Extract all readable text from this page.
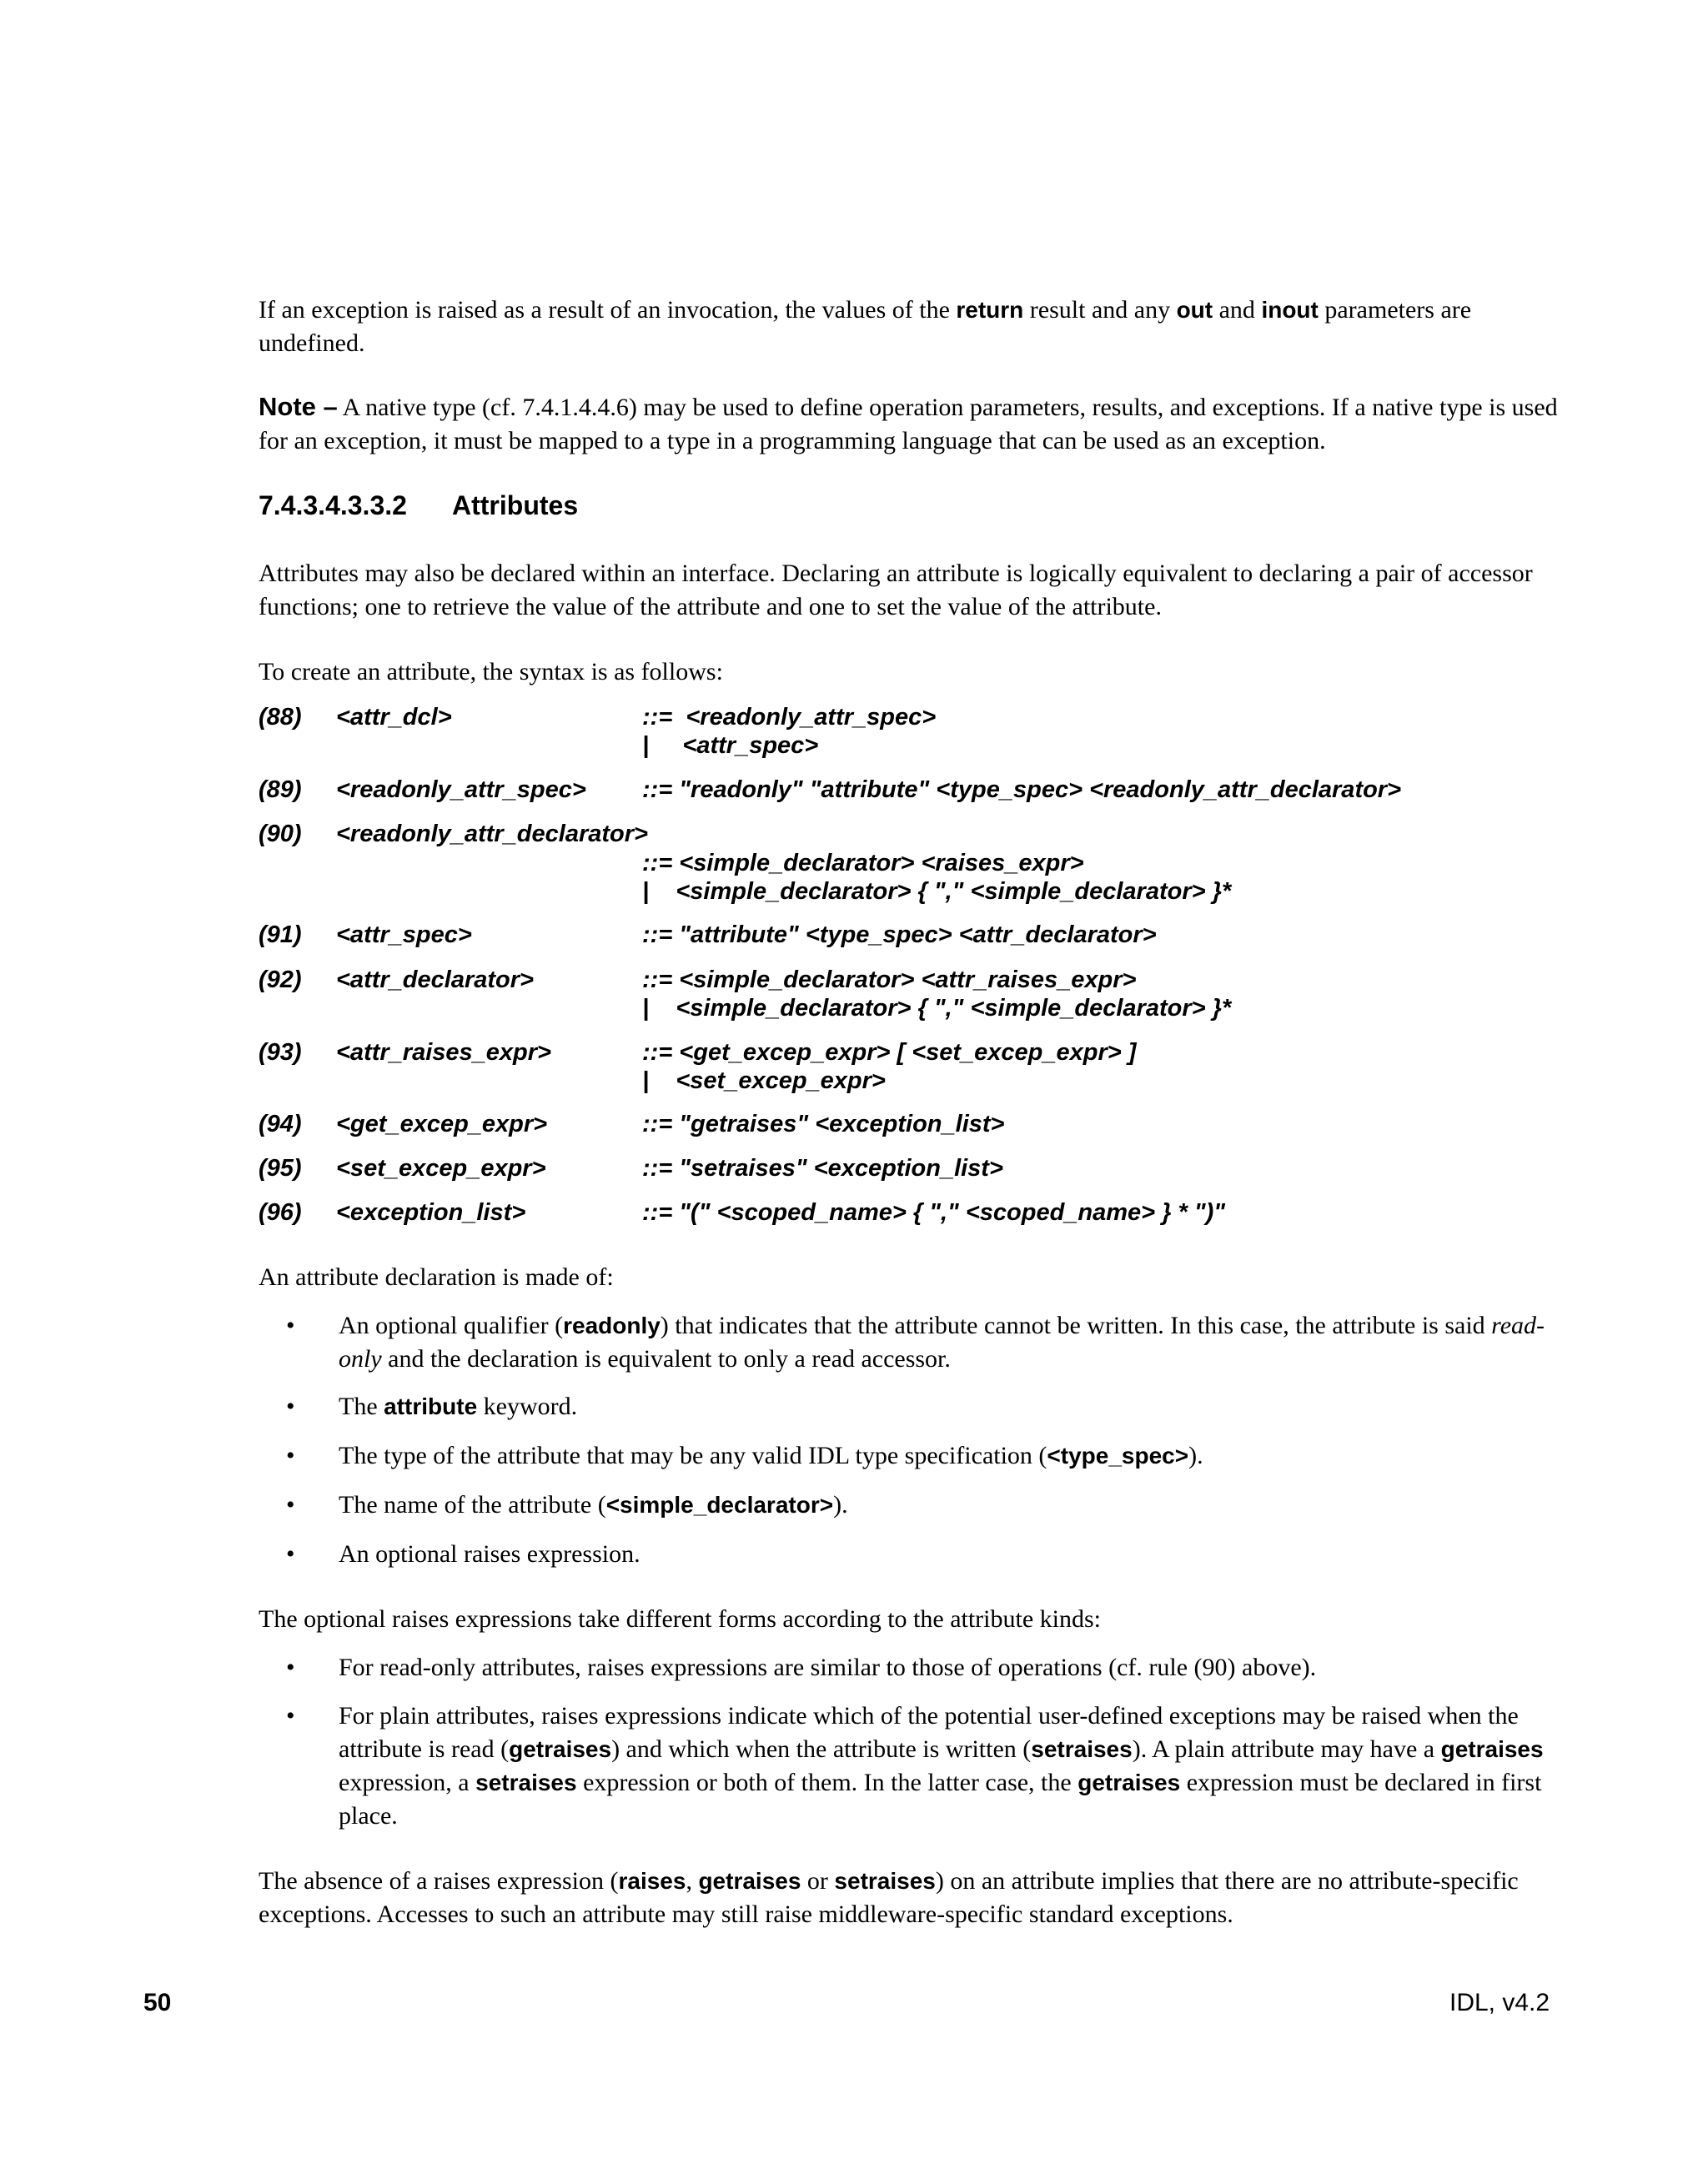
If an exception is raised as a result of an invocation, the values of the return result and any out and inout parameters are undefined.

Note – A native type (cf. 7.4.1.4.4.6) may be used to define operation parameters, results, and exceptions. If a native type is used for an exception, it must be mapped to a type in a programming language that can be used as an exception.

7.4.3.4.3.3.2 Attributes

Attributes may also be declared within an interface. Declaring an attribute is logically equivalent to declaring a pair of accessor functions; one to retrieve the value of the attribute and one to set the value of the attribute.

To create an attribute, the syntax is as follows:

(88) <attr_dcl>	::=  <readonly_attr_spec>
|     <attr_spec>
(89) <readonly_attr_spec> ::= "readonly" "attribute" <type_spec> <readonly_attr_declarator>
(90) <readonly_attr_declarator>
::= <simple_declarator> <raises_expr>
|    <simple_declarator> { "," <simple_declarator> }*
(91) <attr_spec>	::= "attribute" <type_spec> <attr_declarator>
(92) <attr_declarator>	::= <simple_declarator> <attr_raises_expr>
|    <simple_declarator> { "," <simple_declarator> }*
(93) <attr_raises_expr>	::= <get_excep_expr> [ <set_excep_expr> ]
|    <set_excep_expr>
(94) <get_excep_expr>	::= "getraises" <exception_list>
(95) <set_excep_expr>	::= "setraises" <exception_list>
(96) <exception_list>	::= "(" <scoped_name> { "," <scoped_name> } * ")"

An attribute declaration is made of:

• An optional qualifier (readonly) that indicates that the attribute cannot be written. In this case, the attribute is said read-only and the declaration is equivalent to only a read accessor.

• The attribute keyword.

• The type of the attribute that may be any valid IDL type specification (<type_spec>).

• The name of the attribute (<simple_declarator>).

• An optional raises expression.

The optional raises expressions take different forms according to the attribute kinds:

• For read-only attributes, raises expressions are similar to those of operations (cf. rule (90) above).

• For plain attributes, raises expressions indicate which of the potential user-defined exceptions may be raised when the attribute is read (getraises) and which when the attribute is written (setraises). A plain attribute may have a getraises expression, a setraises expression or both of them. In the latter case, the getraises expression must be declared in first place.

The absence of a raises expression (raises, getraises or setraises) on an attribute implies that there are no attribute-specific exceptions. Accesses to such an attribute may still raise middleware-specific standard exceptions.

50	IDL, v4.2
